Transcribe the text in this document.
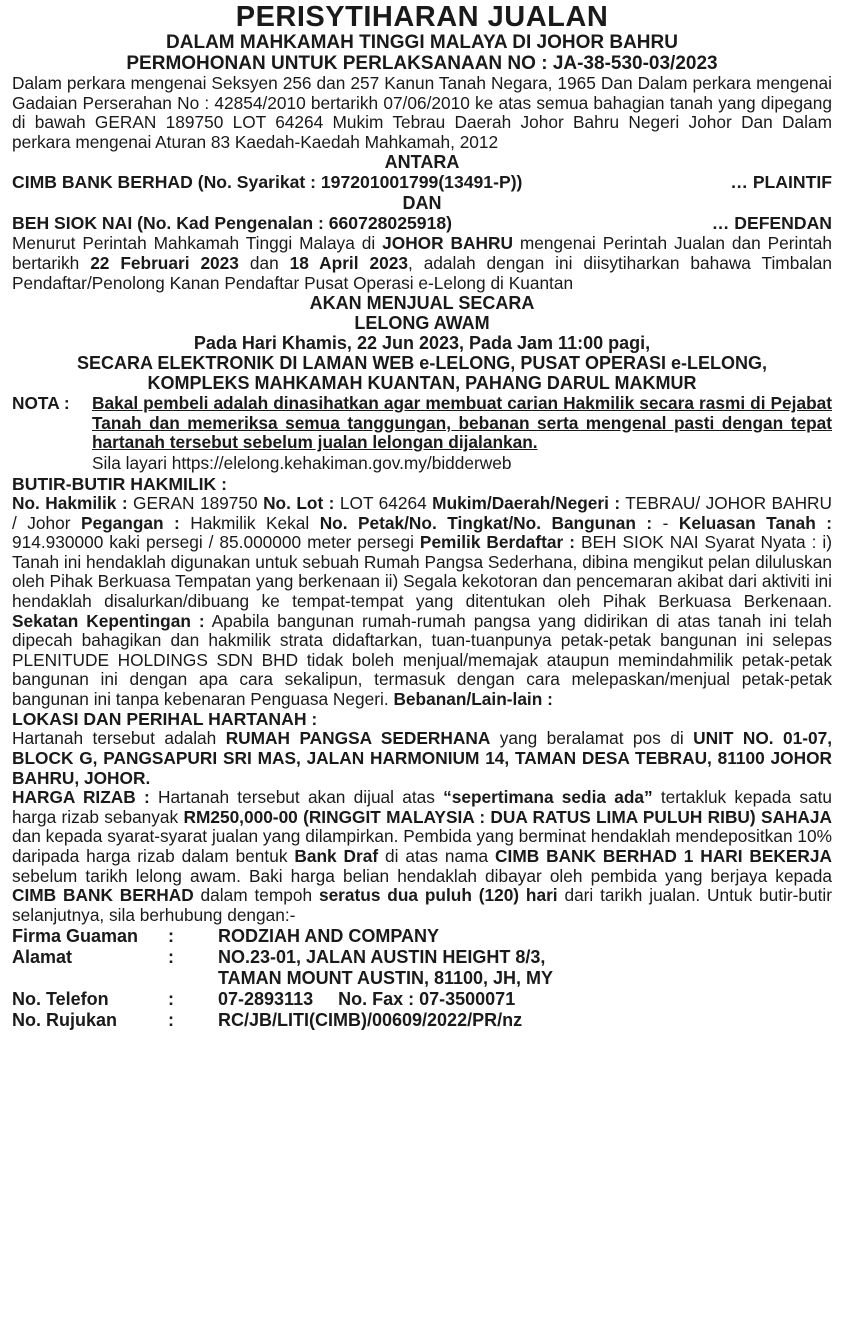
PERISYTIHARAN JUALAN
DALAM MAHKAMAH TINGGI MALAYA DI JOHOR BAHRU
PERMOHONAN UNTUK PERLAKSANAAN NO : JA-38-530-03/2023

Dalam perkara mengenai Seksyen 256 dan 257 Kanun Tanah Negara, 1965 Dan Dalam perkara mengenai Gadaian Perserahan No : 42854/2010 bertarikh 07/06/2010 ke atas semua bahagian tanah yang dipegang di bawah GERAN 189750 LOT 64264 Mukim Tebrau Daerah Johor Bahru Negeri Johor Dan Dalam perkara mengenai Aturan 83 Kaedah-Kaedah Mahkamah, 2012

ANTARA
CIMB BANK BERHAD (No. Syarikat : 197201001799(13491-P))	… PLAINTIF
DAN
BEH SIOK NAI (No. Kad Pengenalan : 660728025918)	… DEFENDAN

Menurut Perintah Mahkamah Tinggi Malaya di JOHOR BAHRU mengenai Perintah Jualan dan Perintah bertarikh 22 Februari 2023 dan 18 April 2023, adalah dengan ini diisytiharkan bahawa Timbalan Pendaftar/Penolong Kanan Pendaftar Pusat Operasi e-Lelong di Kuantan

AKAN MENJUAL SECARA
LELONG AWAM
Pada Hari Khamis, 22 Jun 2023, Pada Jam 11:00 pagi,
SECARA ELEKTRONIK DI LAMAN WEB e-LELONG, PUSAT OPERASI e-LELONG,
KOMPLEKS MAHKAMAH KUANTAN, PAHANG DARUL MAKMUR
NOTA :	Bakal pembeli adalah dinasihatkan agar membuat carian Hakmilik secara rasmi di Pejabat Tanah dan memeriksa semua tanggungan, bebanan serta mengenal pasti dengan tepat hartanah tersebut sebelum jualan lelongan dijalankan.
Sila layari https://elelong.kehakiman.gov.my/bidderweb
BUTIR-BUTIR HAKMILIK :

No. Hakmilik : GERAN 189750 No. Lot : LOT 64264 Mukim/Daerah/Negeri : TEBRAU/ JOHOR BAHRU / Johor Pegangan : Hakmilik Kekal No. Petak/No. Tingkat/No. Bangunan : - Keluasan Tanah : 914.930000 kaki persegi / 85.000000 meter persegi Pemilik Berdaftar : BEH SIOK NAI Syarat Nyata : i) Tanah ini hendaklah digunakan untuk sebuah Rumah Pangsa Sederhana, dibina mengikut pelan diluluskan oleh Pihak Berkuasa Tempatan yang berkenaan ii) Segala kekotoran dan pencemaran akibat dari aktiviti ini hendaklah disalurkan/dibuang ke tempat-tempat yang ditentukan oleh Pihak Berkuasa Berkenaan. Sekatan Kepentingan : Apabila bangunan rumah-rumah pangsa yang didirikan di atas tanah ini telah dipecah bahagikan dan hakmilik strata didaftarkan, tuan-tuanpunya petak-petak bangunan ini selepas PLENITUDE HOLDINGS SDN BHD tidak boleh menjual/memajak ataupun memindahmilik petak-petak bangunan ini dengan apa cara sekalipun, termasuk dengan cara melepaskan/menjual petak-petak bangunan ini tanpa kebenaran Penguasa Negeri. Bebanan/Lain-lain :

LOKASI DAN PERIHAL HARTANAH :

Hartanah tersebut adalah RUMAH PANGSA SEDERHANA yang beralamat pos di UNIT NO. 01-07, BLOCK G, PANGSAPURI SRI MAS, JALAN HARMONIUM 14, TAMAN DESA TEBRAU, 81100 JOHOR BAHRU, JOHOR.

HARGA RIZAB : Hartanah tersebut akan dijual atas “sepertimana sedia ada” tertakluk kepada satu harga rizab sebanyak RM250,000-00 (RINGGIT MALAYSIA : DUA RATUS LIMA PULUH RIBU) SAHAJA dan kepada syarat-syarat jualan yang dilampirkan. Pembida yang berminat hendaklah mendepositkan 10% daripada harga rizab dalam bentuk Bank Draf di atas nama CIMB BANK BERHAD 1 HARI BEKERJA sebelum tarikh lelong awam. Baki harga belian hendaklah dibayar oleh pembida yang berjaya kepada CIMB BANK BERHAD dalam tempoh seratus dua puluh (120) hari dari tarikh jualan. Untuk butir-butir selanjutnya, sila berhubung dengan:-

Firma Guaman	:	RODZIAH AND COMPANY
Alamat	:	NO.23-01, JALAN AUSTIN HEIGHT 8/3,
TAMAN MOUNT AUSTIN, 81100, JH, MY
No. Telefon	:	07-2893113     No. Fax : 07-3500071
No. Rujukan	:	RC/JB/LITI(CIMB)/00609/2022/PR/nz
